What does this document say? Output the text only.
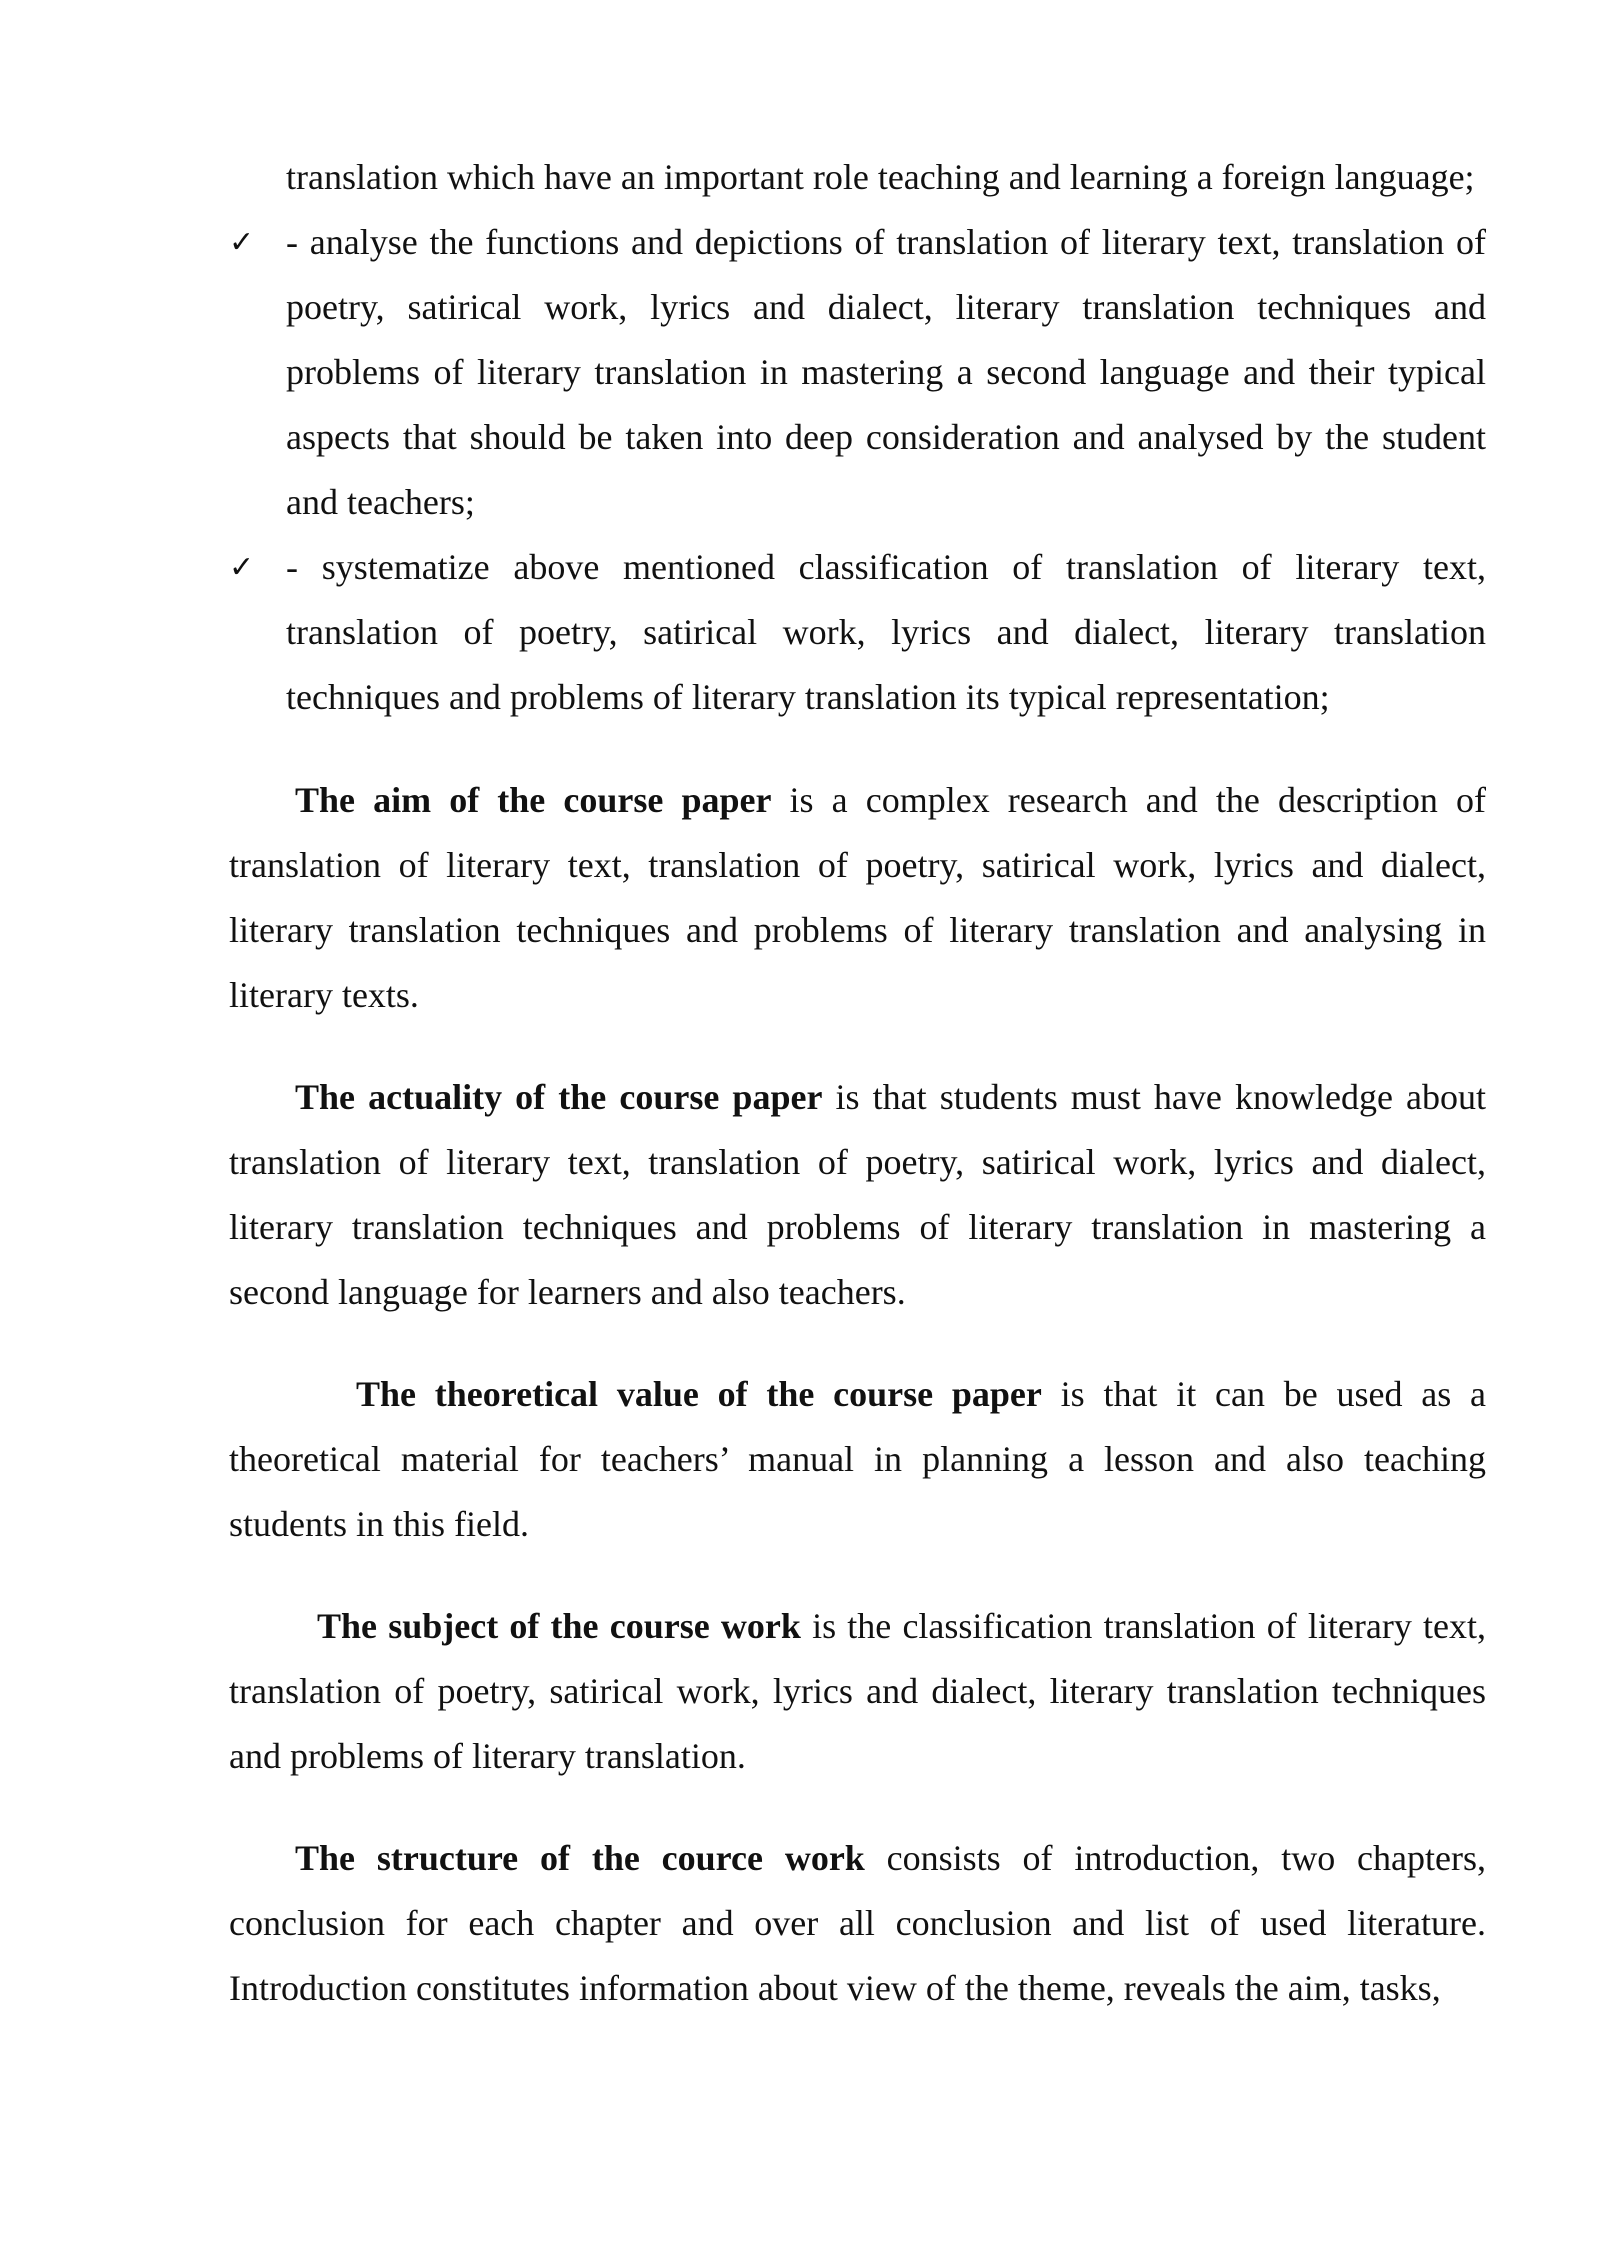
translation which have an important role teaching and learning a foreign language;
✓ - analyse the functions and depictions of translation of literary text, translation of poetry, satirical work, lyrics and dialect, literary translation techniques and problems of literary translation in mastering a second language and their typical aspects that should be taken into deep consideration and analysed by the student and teachers;
✓ - systematize above mentioned classification of translation of literary text, translation of poetry, satirical work, lyrics and dialect, literary translation techniques and problems of literary translation its typical representation;

The aim of the course paper is a complex research and the description of translation of literary text, translation of poetry, satirical work, lyrics and dialect, literary translation techniques and problems of literary translation and analysing in literary texts.

The actuality of the course paper is that students must have knowledge about translation of literary text, translation of poetry, satirical work, lyrics and dialect, literary translation techniques and problems of literary translation in mastering a second language for learners and also teachers.

The theoretical value of the course paper is that it can be used as a theoretical material for teachers’ manual in planning a lesson and also teaching students in this field.

The subject of the course work is the classification translation of literary text, translation of poetry, satirical work, lyrics and dialect, literary translation techniques and problems of literary translation.

The structure of the cource work consists of introduction, two chapters, conclusion for each chapter and over all conclusion and list of used literature. Introduction constitutes information about view of the theme, reveals the aim, tasks,
